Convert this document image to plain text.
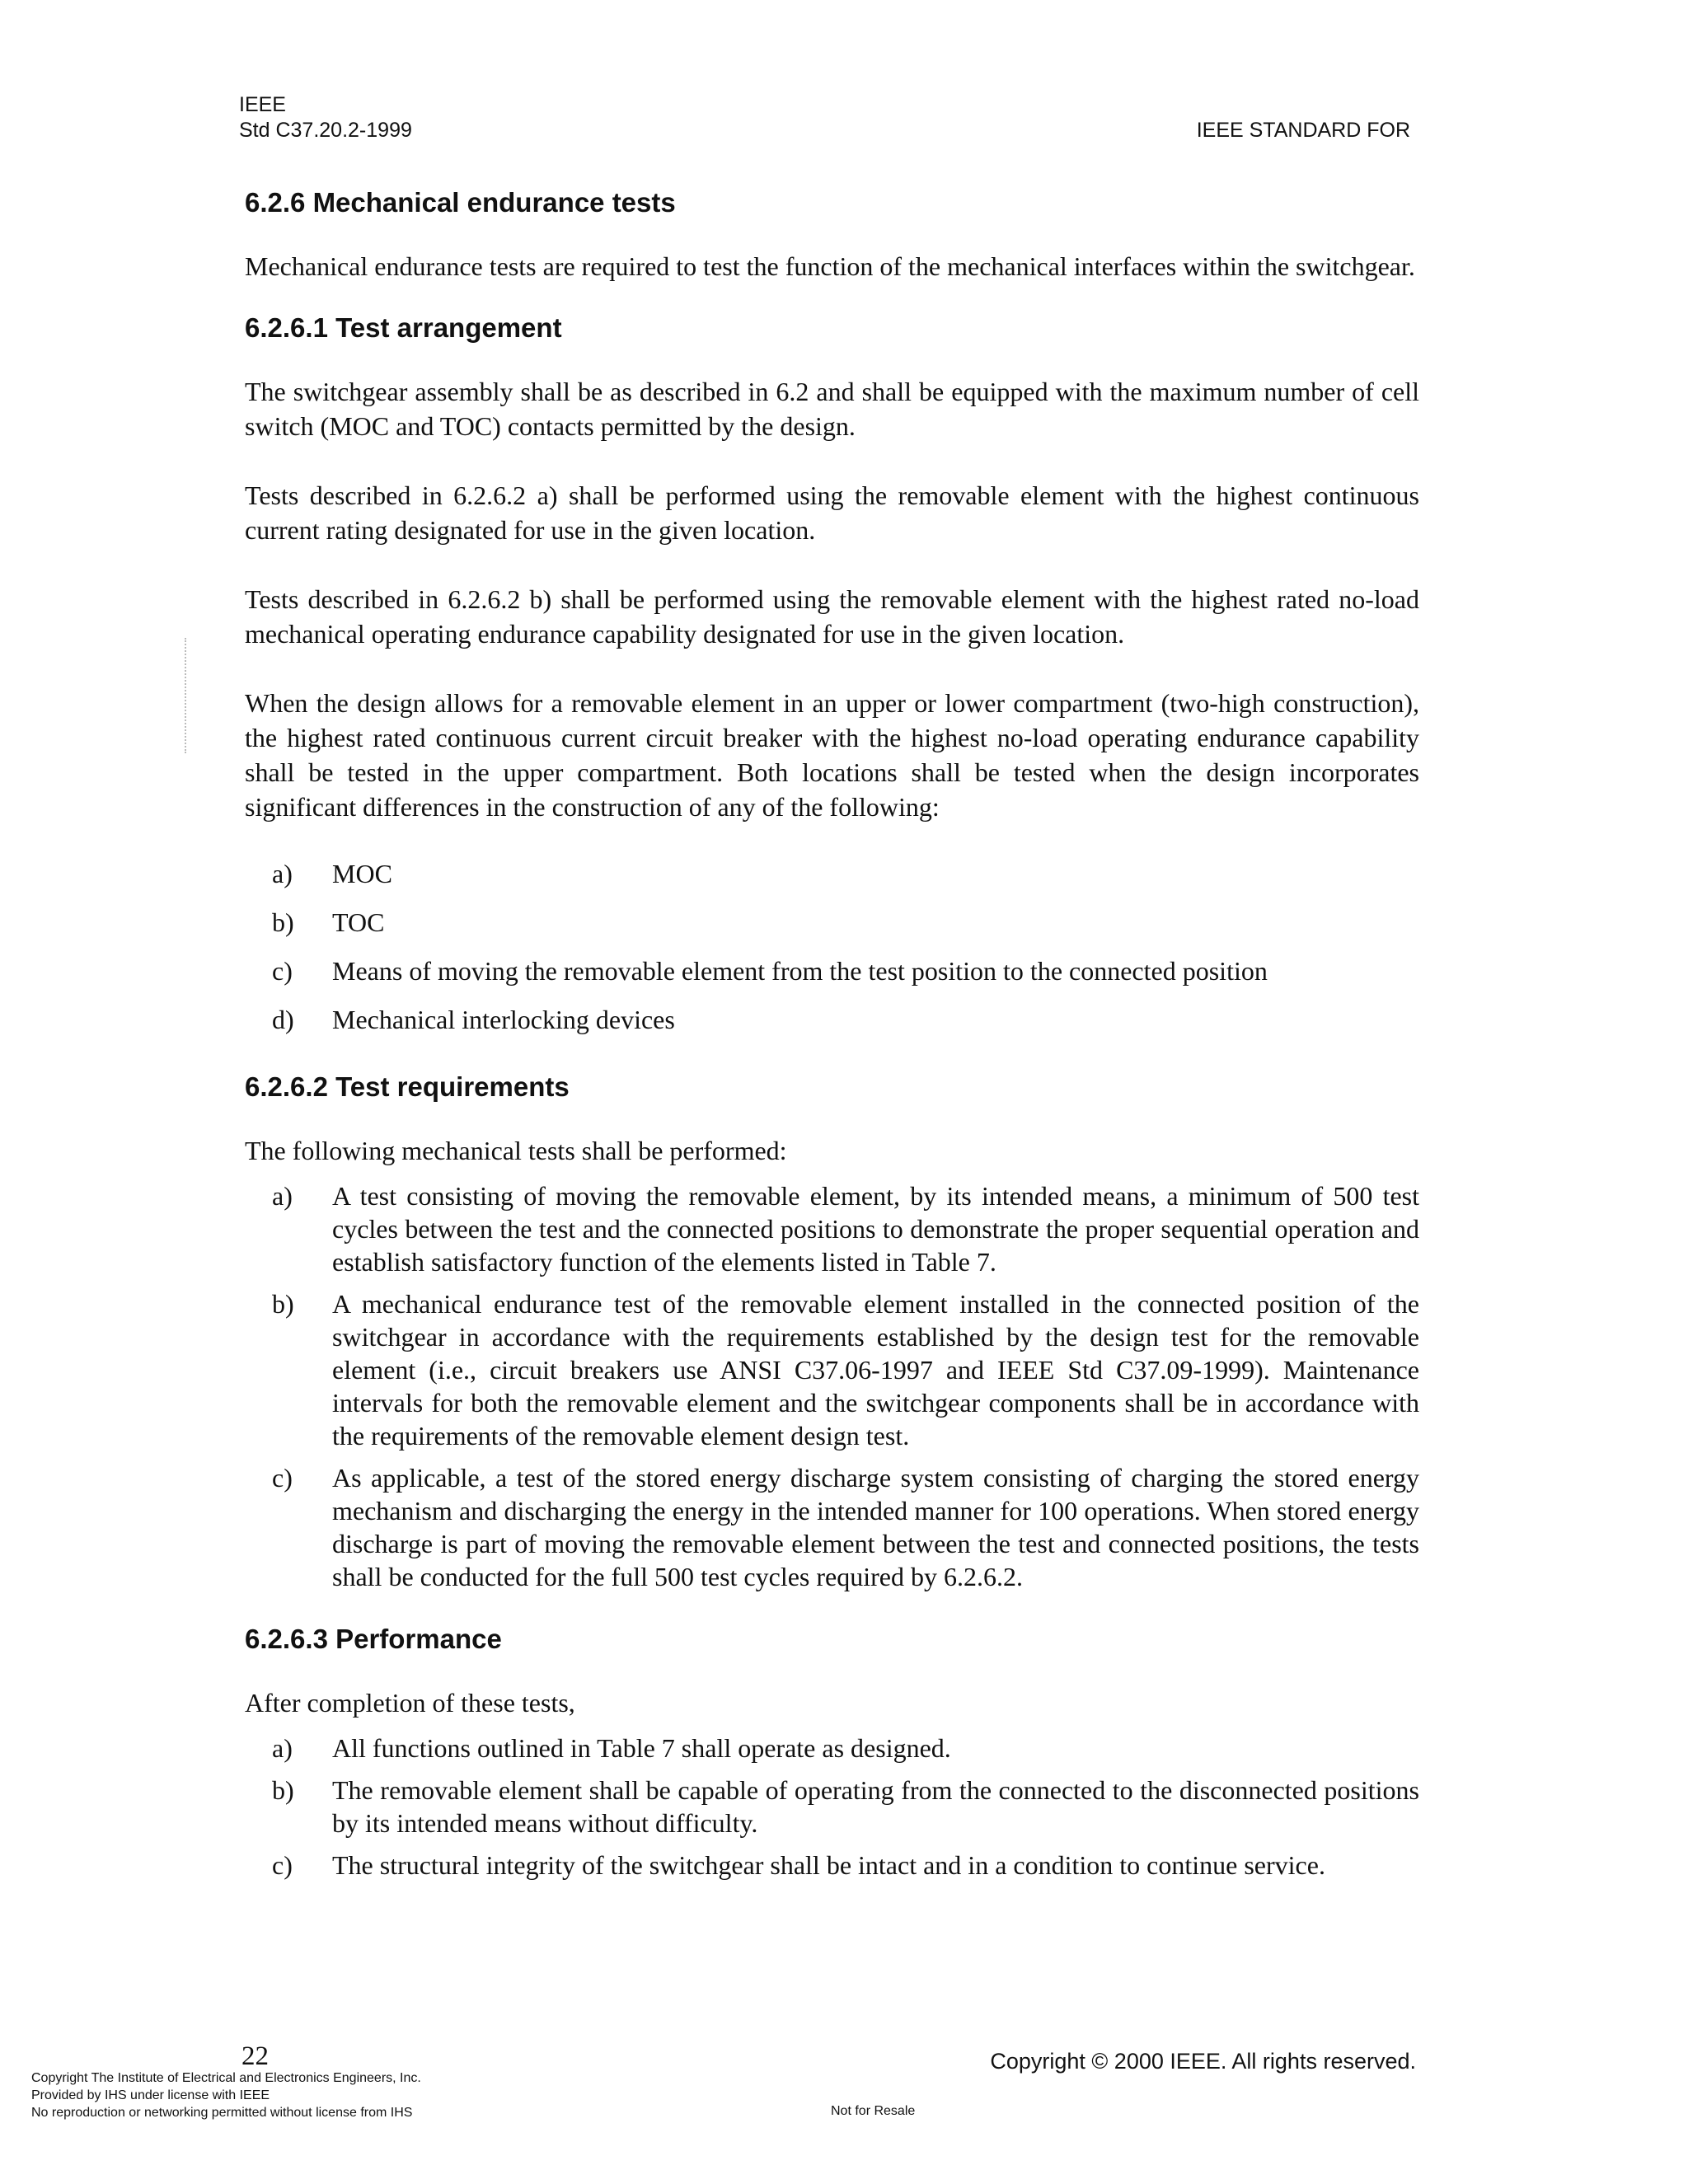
IEEE
Std C37.20.2-1999	IEEE STANDARD FOR
6.2.6 Mechanical endurance tests

Mechanical endurance tests are required to test the function of the mechanical interfaces within the switchgear.

6.2.6.1 Test arrangement

The switchgear assembly shall be as described in 6.2 and shall be equipped with the maximum number of cell switch (MOC and TOC) contacts permitted by the design.

Tests described in 6.2.6.2 a) shall be performed using the removable element with the highest continuous current rating designated for use in the given location.

Tests described in 6.2.6.2 b) shall be performed using the removable element with the highest rated no-load mechanical operating endurance capability designated for use in the given location.

When the design allows for a removable element in an upper or lower compartment (two-high construction), the highest rated continuous current circuit breaker with the highest no-load operating endurance capability shall be tested in the upper compartment. Both locations shall be tested when the design incorporates significant differences in the construction of any of the following:

a) MOC
b) TOC
c) Means of moving the removable element from the test position to the connected position
d) Mechanical interlocking devices
6.2.6.2 Test requirements

The following mechanical tests shall be performed:

a) A test consisting of moving the removable element, by its intended means, a minimum of 500 test cycles between the test and the connected positions to demonstrate the proper sequential operation and establish satisfactory function of the elements listed in Table 7.
b) A mechanical endurance test of the removable element installed in the connected position of the switchgear in accordance with the requirements established by the design test for the removable element (i.e., circuit breakers use ANSI C37.06-1997 and IEEE Std C37.09-1999). Maintenance intervals for both the removable element and the switchgear components shall be in accordance with the requirements of the removable element design test.
c) As applicable, a test of the stored energy discharge system consisting of charging the stored energy mechanism and discharging the energy in the intended manner for 100 operations. When stored energy discharge is part of moving the removable element between the test and connected positions, the tests shall be conducted for the full 500 test cycles required by 6.2.6.2.
6.2.6.3 Performance

After completion of these tests,

a) All functions outlined in Table 7 shall operate as designed.
b) The removable element shall be capable of operating from the connected to the disconnected positions by its intended means without difficulty.
c) The structural integrity of the switchgear shall be intact and in a condition to continue service.
22	Copyright © 2000 IEEE. All rights reserved.
Copyright The Institute of Electrical and Electronics Engineers, Inc.
Provided by IHS under license with IEEE
No reproduction or networking permitted without license from IHS	Not for Resale
